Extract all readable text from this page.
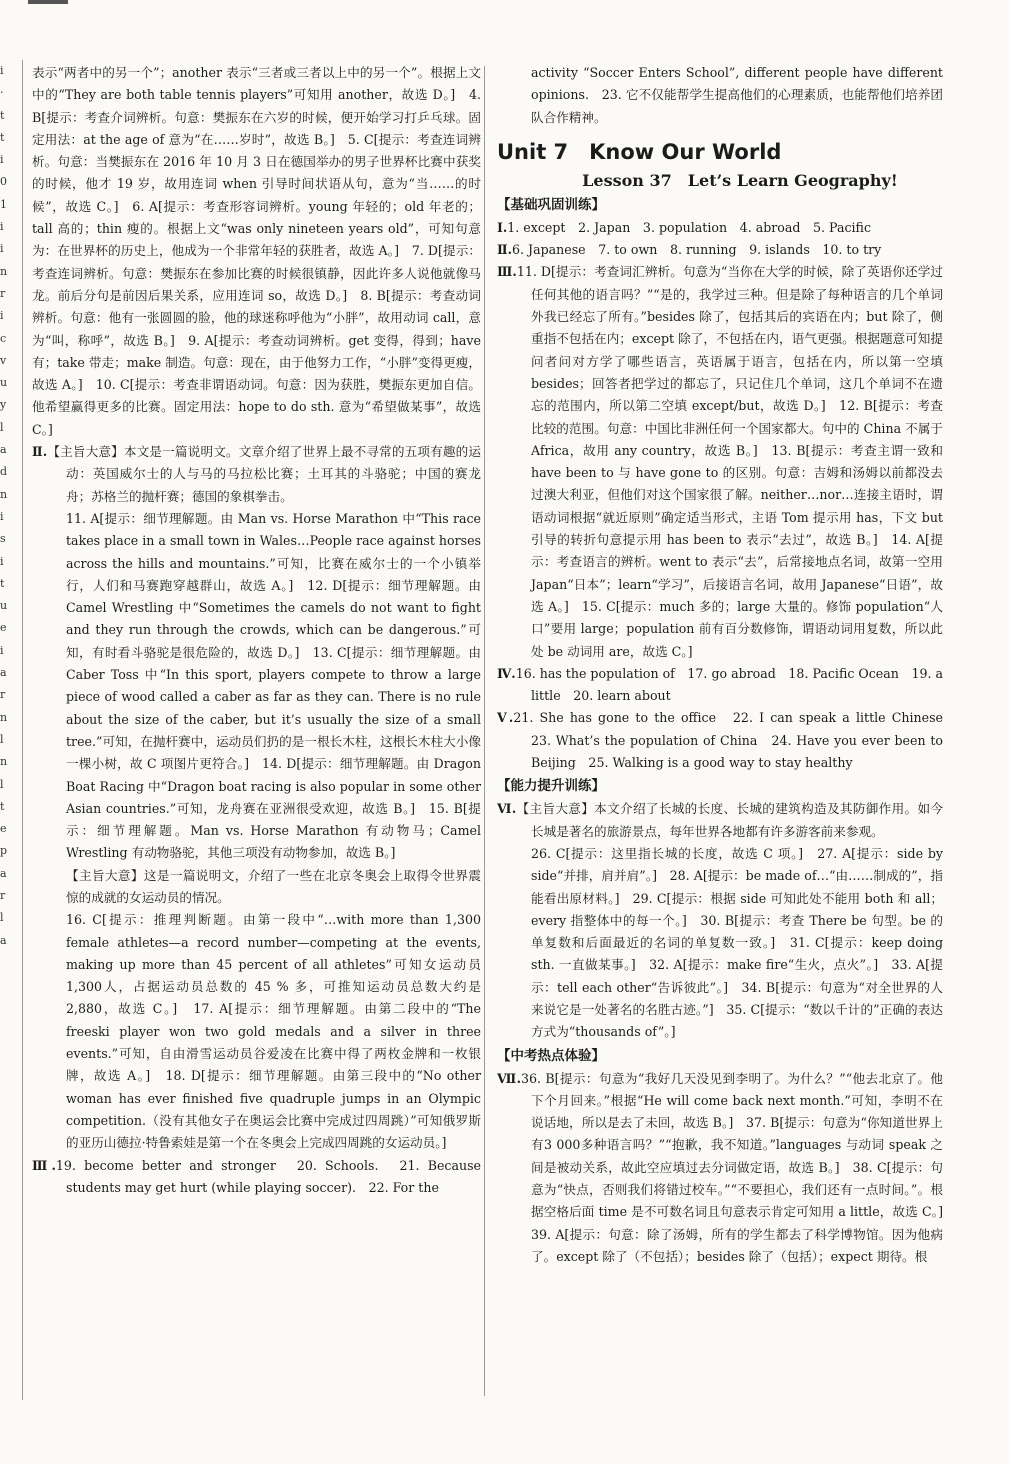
i
·
t
t
i
0
1
i
i
n
r
i
c
v
u
y
l
a
d
n
i
s
i
t
u
e
i
a
r
n
l
n
l
t
e
p
a
r
l
a

表示“两者中的另一个”；another 表示“三者或三者以上中的另一个”。根据上文中的“They are both table tennis players”可知用 another，故选 D。]　4. B[提示：考查介词辨析。句意：樊振东在六岁的时候，便开始学习打乒乓球。固定用法：at the age of 意为“在……岁时”，故选 B。]　5. C[提示：考查连词辨析。句意：当樊振东在 2016 年 10 月 3 日在德国举办的男子世界杯比赛中获奖的时候，他才 19 岁，故用连词 when 引导时间状语从句，意为“当……的时候”，故选 C。]　6. A[提示：考查形容词辨析。young 年轻的；old 年老的；tall 高的；thin 瘦的。根据上文“was only nineteen years old”，可知句意为：在世界杯的历史上，他成为一个非常年轻的获胜者，故选 A。]　7. D[提示：考查连词辨析。句意：樊振东在参加比赛的时候很镇静，因此许多人说他就像马龙。前后分句是前因后果关系，应用连词 so，故选 D。]　8. B[提示：考查动词辨析。句意：他有一张圆圆的脸，他的球迷称呼他为“小胖”，故用动词 call，意为“叫，称呼”，故选 B。]　9. A[提示：考查动词辨析。get 变得，得到；have 有；take 带走；make 制造。句意：现在，由于他努力工作，“小胖”变得更瘦，故选 A。]　10. C[提示：考查非谓语动词。句意：因为获胜，樊振东更加自信。他希望赢得更多的比赛。固定用法：hope to do sth. 意为“希望做某事”，故选 C。]

Ⅱ.【主旨大意】本文是一篇说明文。文章介绍了世界上最不寻常的五项有趣的运动：英国威尔士的人与马的马拉松比赛；土耳其的斗骆驼；中国的赛龙舟；苏格兰的抛杆赛；德国的象棋拳击。

11. A[提示：细节理解题。由 Man vs. Horse Marathon 中“This race takes place in a small town in Wales…People race against horses across the hills and mountains.”可知，比赛在威尔士的一个小镇举行，人们和马赛跑穿越群山，故选 A。]　12. D[提示：细节理解题。由 Camel Wrestling 中“Sometimes the camels do not want to fight and they run through the crowds, which can be dangerous.”可知，有时看斗骆驼是很危险的，故选 D。]　13. C[提示：细节理解题。由 Caber Toss 中“In this sport, players compete to throw a large piece of wood called a caber as far as they can. There is no rule about the size of the caber, but it’s usually the size of a small tree.”可知，在抛杆赛中，运动员们扔的是一根长木柱，这根长木柱大小像一棵小树，故 C 项图片更符合。]　14. D[提示：细节理解题。由 Dragon Boat Racing 中“Dragon boat racing is also popular in some other Asian countries.”可知，龙舟赛在亚洲很受欢迎，故选 B。]　15. B[提示：细节理解题。Man vs. Horse Marathon 有动物马；Camel Wrestling 有动物骆驼，其他三项没有动物参加，故选 B。]

【主旨大意】这是一篇说明文，介绍了一些在北京冬奥会上取得令世界震惊的成就的女运动员的情况。

16. C[提示：推理判断题。由第一段中“…with more than 1,300 female athletes—a record number—competing at the events, making up more than 45 percent of all athletes”可知女运动员1,300人，占据运动员总数的 45 % 多，可推知运动员总数大约是 2,880，故选 C。]　17. A[提示：细节理解题。由第二段中的“The freeski player won two gold medals and a silver in three events.”可知，自由滑雪运动员谷爱凌在比赛中得了两枚金牌和一枚银牌，故选 A。]　18. D[提示：细节理解题。由第三段中的“No other woman has ever finished five quadruple jumps in an Olympic competition.（没有其他女子在奥运会比赛中完成过四周跳）”可知俄罗斯的亚历山德拉·特鲁索娃是第一个在冬奥会上完成四周跳的女运动员。]

Ⅲ.19. become better and stronger　20. Schools.　21. Because students may get hurt (while playing soccer).　22. For the

activity “Soccer Enters School”, different people have different opinions.　23. 它不仅能帮学生提高他们的心理素质，也能帮他们培养团队合作精神。

Unit 7　Know Our World
Lesson 37　Let’s Learn Geography!
【基础巩固训练】

Ⅰ.1. except　2. Japan　3. population　4. abroad　5. Pacific

Ⅱ.6. Japanese　7. to own　8. running　9. islands　10. to try

Ⅲ.11. D[提示：考查词汇辨析。句意为“当你在大学的时候，除了英语你还学过任何其他的语言吗？”“是的，我学过三种。但是除了每种语言的几个单词外我已经忘了所有。”besides 除了，包括其后的宾语在内；but 除了，侧重指不包括在内；except 除了，不包括在内，语气更强。根据题意可知提问者问对方学了哪些语言，英语属于语言，包括在内，所以第一空填 besides；回答者把学过的都忘了，只记住几个单词，这几个单词不在遗忘的范围内，所以第二空填 except/but，故选 D。]　12. B[提示：考查比较的范围。句意：中国比非洲任何一个国家都大。句中的 China 不属于 Africa，故用 any country，故选 B。]　13. B[提示：考查主谓一致和 have been to 与 have gone to 的区别。句意：吉姆和汤姆以前都没去过澳大利亚，但他们对这个国家很了解。neither…nor…连接主语时，谓语动词根据“就近原则”确定适当形式，主语 Tom 提示用 has，下文 but 引导的转折句意提示用 has been to 表示“去过”，故选 B。]　14. A[提示：考查语言的辨析。went to 表示“去”，后常接地点名词，故第一空用 Japan“日本”；learn“学习”，后接语言名词，故用 Japanese“日语”，故选 A。]　15. C[提示：much 多的；large 大量的。修饰 population“人口”要用 large；population 前有百分数修饰，谓语动词用复数，所以此处 be 动词用 are，故选 C。]

Ⅳ.16. has the population of　17. go abroad　18. Pacific Ocean　19. a little　20. learn about

Ⅴ.21. She has gone to the office　22. I can speak a little Chinese　23. What’s the population of China　24. Have you ever been to Beijing　25. Walking is a good way to stay healthy

【能力提升训练】

Ⅵ.【主旨大意】本文介绍了长城的长度、长城的建筑构造及其防御作用。如今长城是著名的旅游景点，每年世界各地都有许多游客前来参观。

26. C[提示：这里指长城的长度，故选 C 项。]　27. A[提示：side by side“并排，肩并肩”。]　28. A[提示：be made of…“由……制成的”，指能看出原材料。]　29. C[提示：根据 side 可知此处不能用 both 和 all；every 指整体中的每一个。]　30. B[提示：考查 There be 句型。be 的单复数和后面最近的名词的单复数一致。]　31. C[提示：keep doing sth. 一直做某事。]　32. A[提示：make fire“生火，点火”。]　33. A[提示：tell each other“告诉彼此”。]　34. B[提示：句意为“对全世界的人来说它是一处著名的名胜古迹。”]　35. C[提示：“数以千计的”正确的表达方式为“thousands of”。]

【中考热点体验】

Ⅶ.36. B[提示：句意为“我好几天没见到李明了。为什么？”“他去北京了。他下个月回来。”根据“He will come back next month.”可知，李明不在说话地，所以是去了未回，故选 B。]　37. B[提示：句意为“你知道世界上有3 000多种语言吗？”“抱歉，我不知道。”languages 与动词 speak 之间是被动关系，故此空应填过去分词做定语，故选 B。]　38. C[提示：句意为“快点，否则我们将错过校车。”“不要担心，我们还有一点时间。”。根据空格后面 time 是不可数名词且句意表示肯定可知用 a little，故选 C。]　39. A[提示：句意：除了汤姆，所有的学生都去了科学博物馆。因为他病了。except 除了（不包括）；besides 除了（包括）；expect 期待。根
